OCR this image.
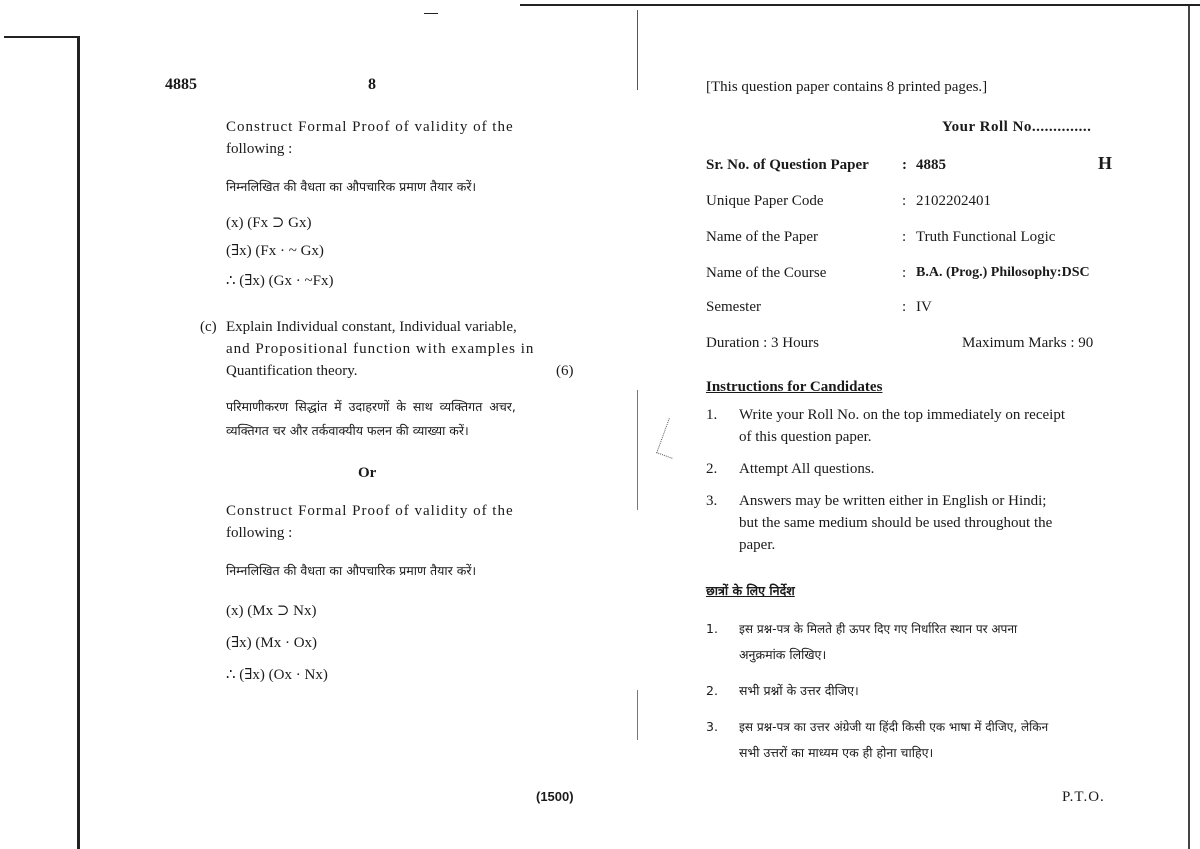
4885	8
Construct Formal Proof of validity of the
following :
निम्नलिखित की वैधता का औपचारिक प्रमाण तैयार करें।
(x) (Fx ⊃ Gx)
(∃x) (Fx · ~ Gx)
∴ (∃x) (Gx · ~Fx)
(c) Explain Individual constant, Individual variable,
and Propositional function with examples in
Quantification theory.	(6)
परिमाणीकरण सिद्धांत में उदाहरणों के साथ व्यक्तिगत अचर,
व्यक्तिगत चर और तर्कवाक्यीय फलन की व्याख्या करें।
Or
Construct Formal Proof of validity of the
following :
निम्नलिखित की वैधता का औपचारिक प्रमाण तैयार करें।
(x) (Mx ⊃ Nx)
(∃x) (Mx · Ox)
∴ (∃x) (Ox · Nx)
(1500)
[This question paper contains 8 printed pages.]
Your Roll No..............
Sr. No. of Question Paper : 4885	H
Unique Paper Code	: 2102202401
Name of the Paper	: Truth Functional Logic
Name of the Course	: B.A. (Prog.) Philosophy:DSC
Semester	: IV
Duration : 3 Hours	Maximum Marks : 90
Instructions for Candidates
1. Write your Roll No. on the top immediately on receipt
of this question paper.
2. Attempt All questions.
3. Answers may be written either in English or Hindi;
but the same medium should be used throughout the
paper.
छात्रों के लिए निर्देश
1. इस प्रश्न-पत्र के मिलते ही ऊपर दिए गए निर्धारित स्थान पर अपना
अनुक्रमांक लिखिए।
2. सभी प्रश्नों के उत्तर दीजिए।
3. इस प्रश्न-पत्र का उत्तर अंग्रेजी या हिंदी किसी एक भाषा में दीजिए, लेकिन
सभी उत्तरों का माध्यम एक ही होना चाहिए।
P.T.O.
